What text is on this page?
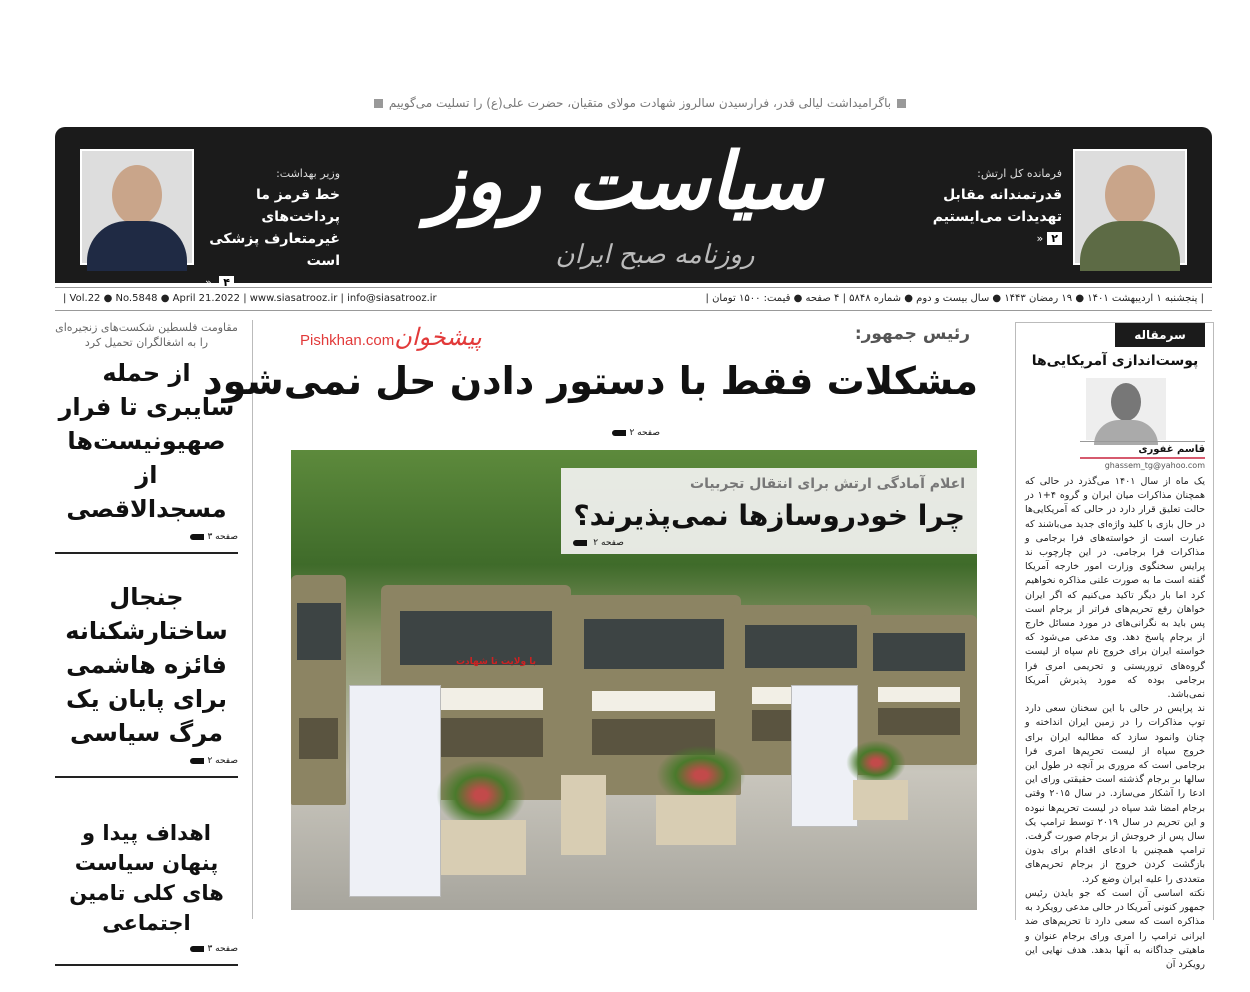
باگرامیداشت لیالی قدر، فرارسیدن سالروز شهادت مولای متقیان، حضرت علی(ع) را تسلیت می‌گوییم
فرمانده کل ارتش:
قدرتمندانه مقابل تهدیدات می‌ایستیم
۲«
سیاست روز
روزنامه صبح ایران
وزیر بهداشت:
خط قرمز ما پرداخت‌های غیرمتعارف پزشکی است
» ۴
| پنجشنبه ۱ اردیبهشت ۱۴۰۱ ● ۱۹ رمضان ۱۴۴۳ ● سال بیست و دوم ● شماره ۵۸۴۸ | ۴ صفحه ● قیمت: ۱۵۰۰ تومان |
| Vol.22 ● No.5848 ● April 21.2022 | www.siasatrooz.ir | info@siasatrooz.ir
مقاومت فلسطین شکست‌های زنجیره‌ای را به اشغالگران تحمیل کرد
از حمله سایبری تا فرار صهیونیست‌ها از مسجدالاقصی
صفحه ۳
جنجال ساختارشکنانه فائزه هاشمی برای پایان یک مرگ سیاسی
صفحه ۲
اهداف پیدا و پنهان سیاست های کلی تامین اجتماعی
صفحه ۳
Pishkhan.comپیشخوان	رئیس جمهور:
مشکلات فقط با دستور دادن حل نمی‌شود
صفحه ۲
با ولایت تا شهادت
اعلام آمادگی ارتش برای انتقال تجربیات
چرا خودروسازها نمی‌پذیرند؟
صفحه ۲
سرمقاله
پوست‌اندازی آمریکایی‌ها
قاسم غفوری
ghassem_tg@yahoo.com

یک ماه از سال ۱۴۰۱ می‌گذرد در حالی که همچنان مذاکرات میان ایران و گروه ۴+۱ در حالت تعلیق قرار دارد در حالی که آمریکایی‌ها در حال بازی با کلید واژه‌ای جدید می‌باشند که عبارت است از خواسته‌های فرا برجامی و مذاکرات فرا برجامی. در این چارچوب ند پرایس سخنگوی وزارت امور خارجه آمریکا گفته است ما به صورت علنی مذاکره نخواهیم کرد اما بار دیگر تاکید می‌کنیم که اگر ایران خواهان رفع تحریم‌های فراتر از برجام است پس باید به نگرانی‌های در مورد مسائل خارج از برجام پاسخ دهد. وی مدعی می‌شود که خواسته ایران برای خروج نام سپاه از لیست گروه‌های تروریستی و تحریمی امری فرا برجامی بوده که مورد پذیرش آمریکا نمی‌باشد.

ند پرایس در حالی با این سخنان سعی دارد توپ مذاکرات را در زمین ایران انداخته و چنان وانمود سازد که مطالبه ایران برای خروج سپاه از لیست تحریم‌ها امری فرا برجامی است که مروری بر آنچه در طول این سالها بر برجام گذشته است حقیقتی ورای این ادعا را آشکار می‌سازد. در سال ۲۰۱۵ وقتی برجام امضا شد سپاه در لیست تحریم‌ها نبوده و این تحریم در سال ۲۰۱۹ توسط ترامپ یک سال پس از خروجش از برجام صورت گرفت. ترامپ همچنین با ادعای اقدام برای بدون بازگشت کردن خروج از برجام تحریم‌های متعددی را علیه ایران وضع کرد.

نکته اساسی آن است که جو بایدن رئیس جمهور کنونی آمریکا در حالی مدعی رویکرد به مذاکره است که سعی دارد تا تحریم‌های ضد ایرانی ترامپ را امری ورای برجام عنوان و ماهیتی جداگانه به آنها بدهد. هدف نهایی این رویکرد آن
